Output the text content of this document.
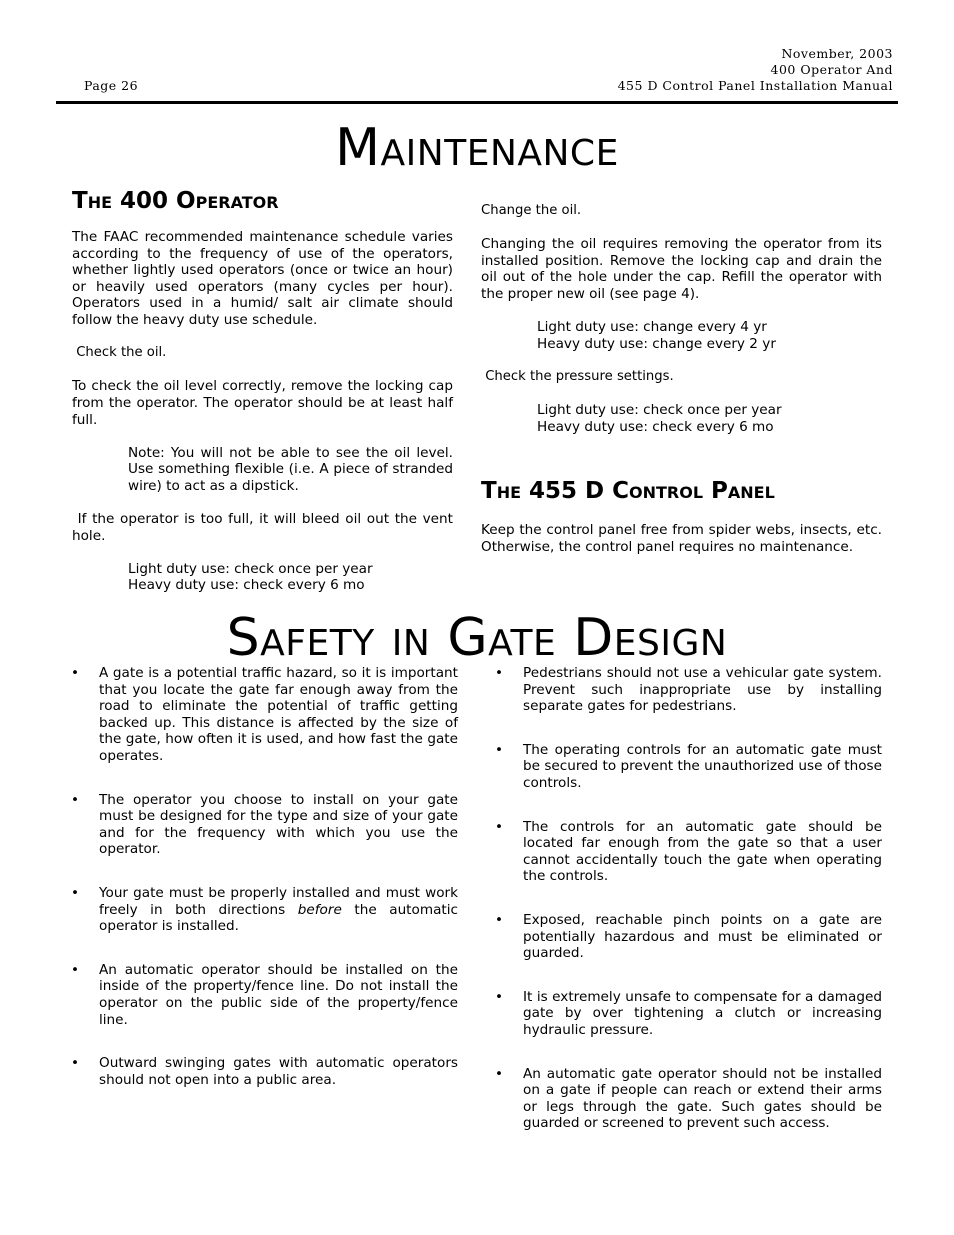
Page 26
November, 2003
400 Operator And
455 D Control Panel Installation Manual
Maintenance
The 400 Operator

The FAAC recommended maintenance schedule varies according to the frequency of use of the operators, whether lightly used operators (once or twice an hour) or heavily used operators (many cycles per hour). Operators used in a humid/ salt air climate should follow the heavy duty use schedule.

Check the oil.

To check the oil level correctly, remove the locking cap from the operator. The operator should be at least half full.

Note: You will not be able to see the oil level. Use something flexible (i.e. A piece of stranded wire) to act as a dipstick.

If the operator is too full, it will bleed oil out the vent hole.

Light duty use: check once per year

Heavy duty use: check every 6 mo

Change the oil.

Changing the oil requires removing the operator from its installed position. Remove the locking cap and drain the oil out of the hole under the cap. Refill the operator with the proper new oil (see page 4).

Light duty use: change every 4 yr

Heavy duty use: change every 2 yr

Check the pressure settings.

Light duty use: check once per year

Heavy duty use: check every 6 mo

The 455 D Control Panel

Keep the control panel free from spider webs, insects, etc. Otherwise, the control panel requires no maintenance.

Safety in Gate Design
• A gate is a potential traffic hazard, so it is important that you locate the gate far enough away from the road to eliminate the potential of traffic getting backed up. This distance is affected by the size of the gate, how often it is used, and how fast the gate operates.
• The operator you choose to install on your gate must be designed for the type and size of your gate and for the frequency with which you use the operator.
• Your gate must be properly installed and must work freely in both directions before the automatic operator is installed.
• An automatic operator should be installed on the inside of the property/fence line. Do not install the operator on the public side of the property/fence line.
• Outward swinging gates with automatic operators should not open into a public area.
• Pedestrians should not use a vehicular gate system. Prevent such inappropriate use by installing separate gates for pedestrians.
• The operating controls for an automatic gate must be secured to prevent the unauthorized use of those controls.
• The controls for an automatic gate should be located far enough from the gate so that a user cannot accidentally touch the gate when operating the controls.
• Exposed, reachable pinch points on a gate are potentially hazardous and must be eliminated or guarded.
• It is extremely unsafe to compensate for a damaged gate by over tightening a clutch or increasing hydraulic pressure.
• An automatic gate operator should not be installed on a gate if people can reach or extend their arms or legs through the gate. Such gates should be guarded or screened to prevent such access.
